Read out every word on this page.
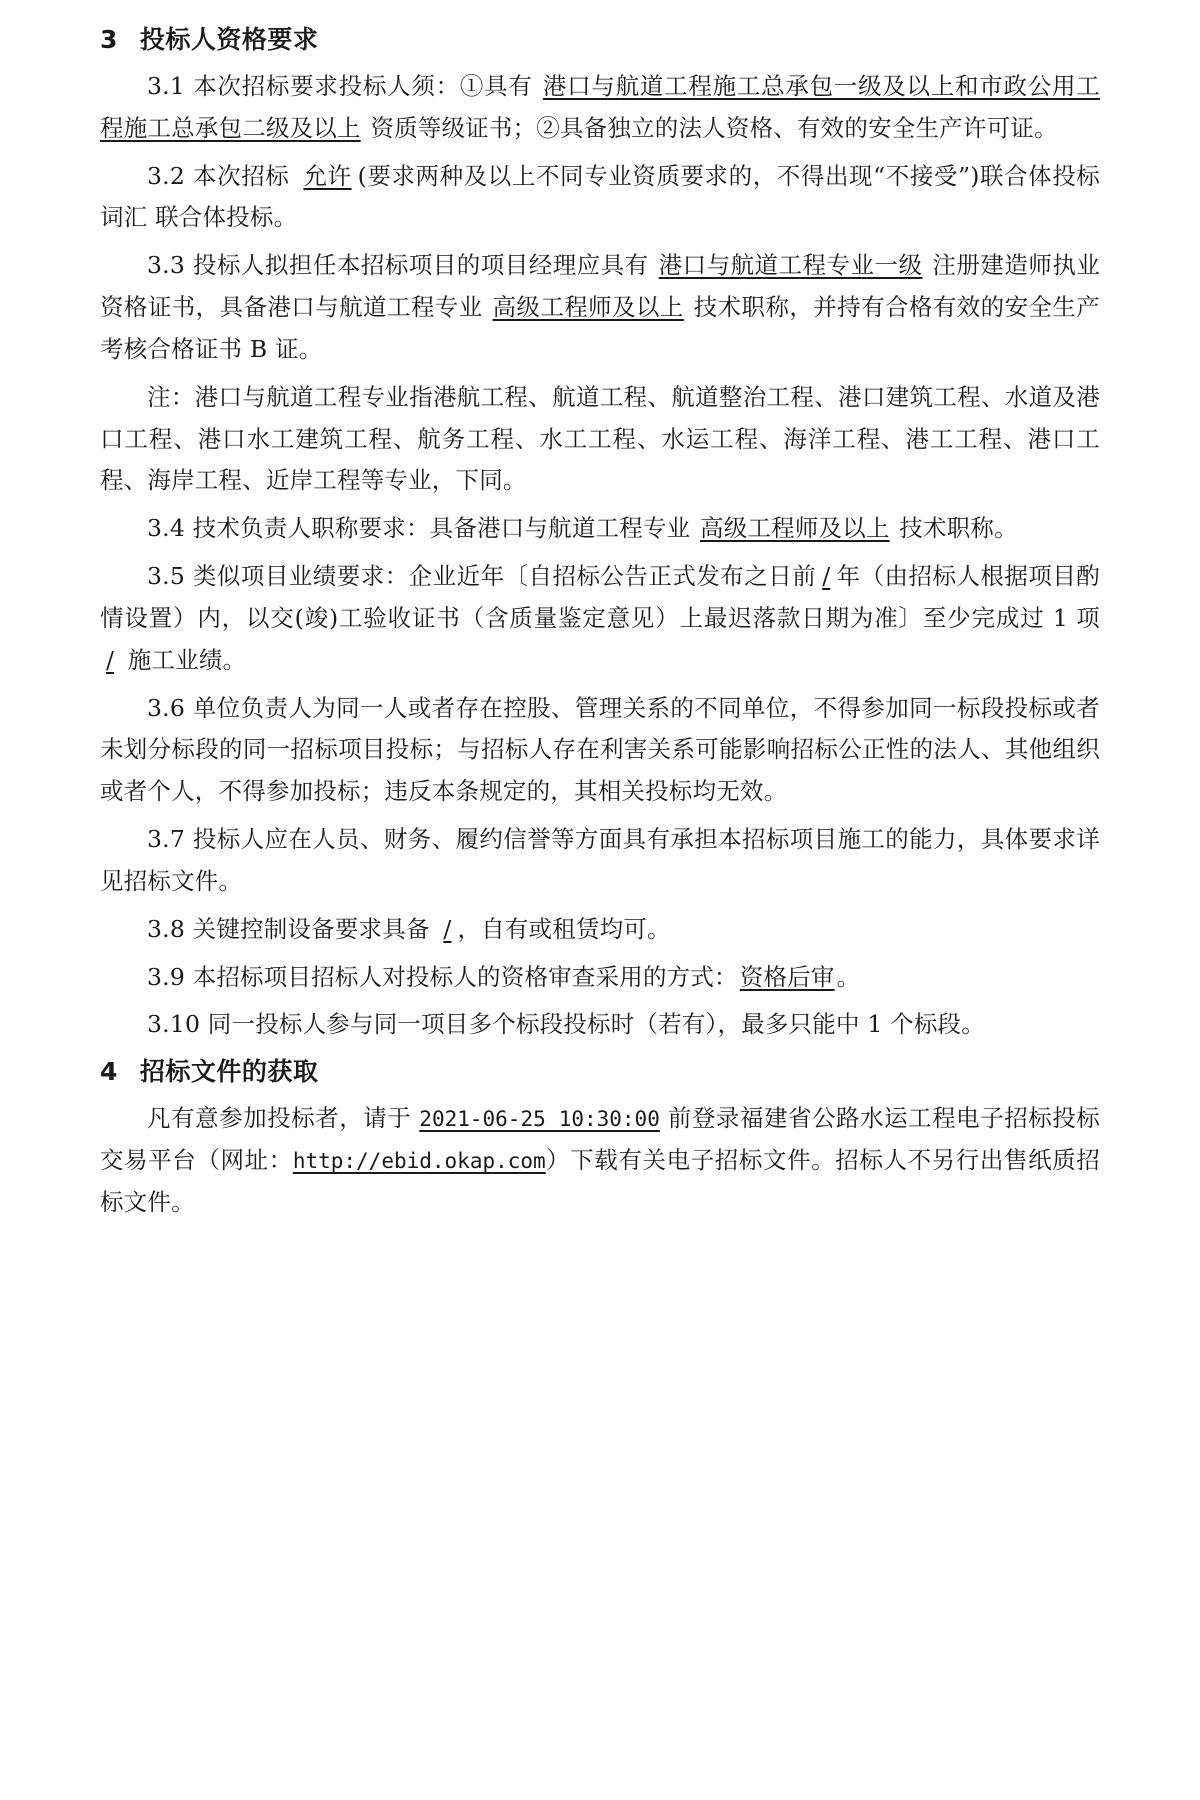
3 投标人资格要求

3.1 本次招标要求投标人须：①具有 港口与航道工程施工总承包一级及以上和市政公用工程施工总承包二级及以上 资质等级证书；②具备独立的法人资格、有效的安全生产许可证。

3.2 本次招标 允许 (要求两种及以上不同专业资质要求的，不得出现“不接受”)联合体投标词汇 联合体投标。

3.3 投标人拟担任本招标项目的项目经理应具有 港口与航道工程专业一级 注册建造师执业资格证书，具备港口与航道工程专业 高级工程师及以上 技术职称，并持有合格有效的安全生产考核合格证书 B 证。

注：港口与航道工程专业指港航工程、航道工程、航道整治工程、港口建筑工程、水道及港口工程、港口水工建筑工程、航务工程、水工工程、水运工程、海洋工程、港工工程、港口工程、海岸工程、近岸工程等专业，下同。

3.4 技术负责人职称要求：具备港口与航道工程专业 高级工程师及以上 技术职称。

3.5 类似项目业绩要求：企业近年〔自招标公告正式发布之日前 / 年（由招标人根据项目酌情设置）内，以交(竣)工验收证书（含质量鉴定意见）上最迟落款日期为准〕至少完成过 1 项 / 施工业绩。

3.6 单位负责人为同一人或者存在控股、管理关系的不同单位，不得参加同一标段投标或者未划分标段的同一招标项目投标；与招标人存在利害关系可能影响招标公正性的法人、其他组织或者个人，不得参加投标；违反本条规定的，其相关投标均无效。

3.7 投标人应在人员、财务、履约信誉等方面具有承担本招标项目施工的能力，具体要求详见招标文件。

3.8 关键控制设备要求具备 / ，自有或租赁均可。

3.9 本招标项目招标人对投标人的资格审查采用的方式：资格后审。

3.10 同一投标人参与同一项目多个标段投标时（若有），最多只能中 1 个标段。

4 招标文件的获取

凡有意参加投标者，请于 2021-06-25 10:30:00 前登录福建省公路水运工程电子招标投标交易平台（网址：http://ebid.okap.com）下载有关电子招标文件。招标人不另行出售纸质招标文件。
